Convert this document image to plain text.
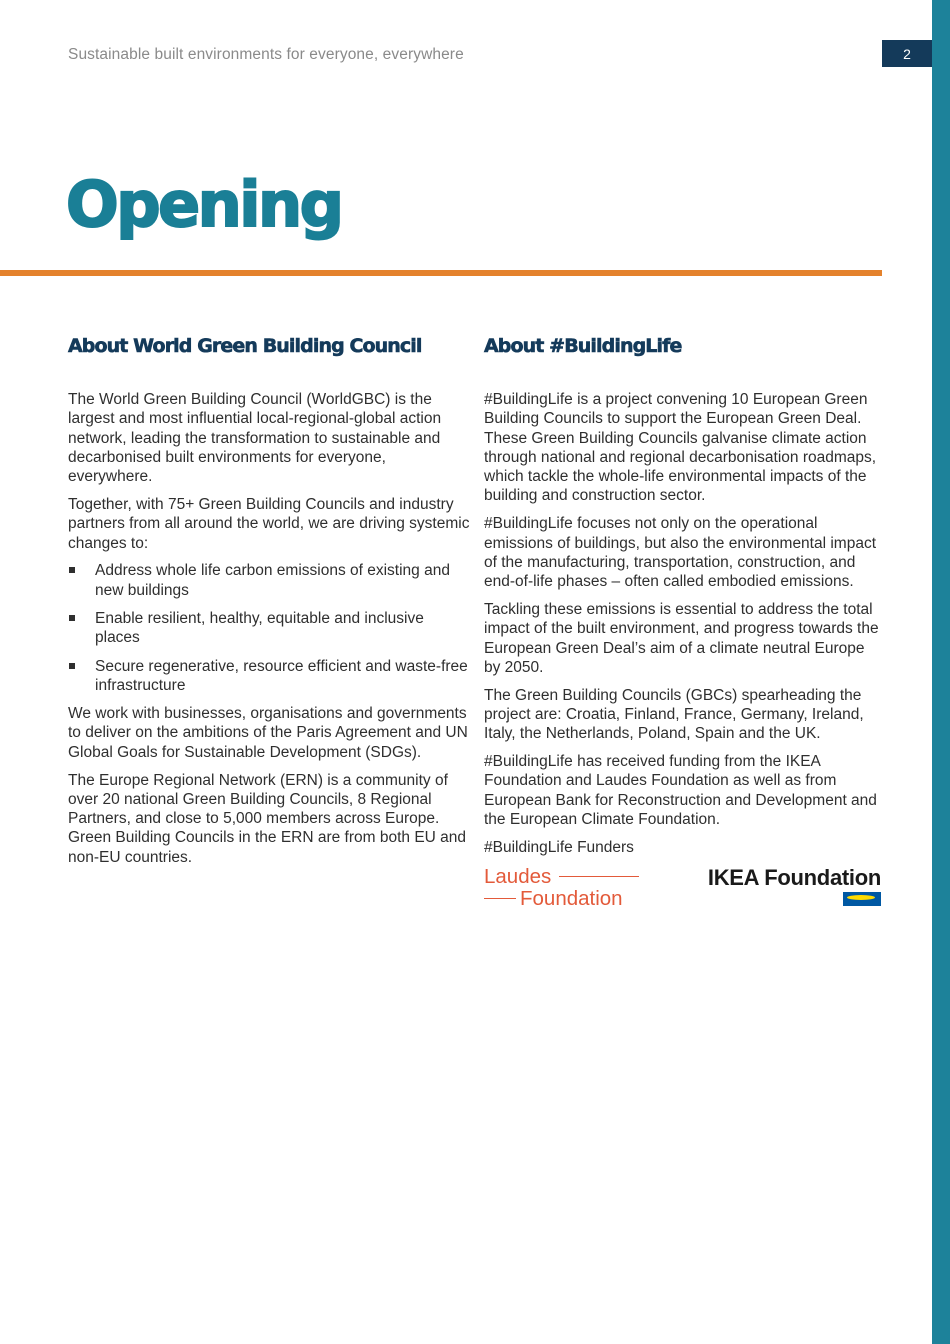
Sustainable built environments for everyone, everywhere	2
Opening
About World Green Building Council

The World Green Building Council (WorldGBC) is the largest and most influential local-regional-global action network, leading the transformation to sustainable and decarbonised built environments for everyone, everywhere.

Together, with 75+ Green Building Councils and industry partners from all around the world, we are driving systemic changes to:

Address whole life carbon emissions of existing and new buildings
Enable resilient, healthy, equitable and inclusive places
Secure regenerative, resource efficient and waste-free infrastructure

We work with businesses, organisations and governments to deliver on the ambitions of the Paris Agreement and UN Global Goals for Sustainable Development (SDGs).

The Europe Regional Network (ERN) is a community of over 20 national Green Building Councils, 8 Regional Partners, and close to 5,000 members across Europe. Green Building Councils in the ERN are from both EU and non-EU countries.

About #BuildingLife

#BuildingLife is a project convening 10 European Green Building Councils to support the European Green Deal. These Green Building Councils galvanise climate action through national and regional decarbonisation roadmaps, which tackle the whole-life environmental impacts of the building and construction sector.

#BuildingLife focuses not only on the operational emissions of buildings, but also the environmental impact of the manufacturing, transportation, construction, and end-of-life phases – often called embodied emissions.

Tackling these emissions is essential to address the total impact of the built environment, and progress towards the European Green Deal’s aim of a climate neutral Europe by 2050.

The Green Building Councils (GBCs) spearheading the project are: Croatia, Finland, France, Germany, Ireland, Italy, the Netherlands, Poland, Spain and the UK.

#BuildingLife has received funding from the IKEA Foundation and Laudes Foundation as well as from European Bank for Reconstruction and Development and the European Climate Foundation.

#BuildingLife Funders

Laudes
Foundation
IKEA Foundation
